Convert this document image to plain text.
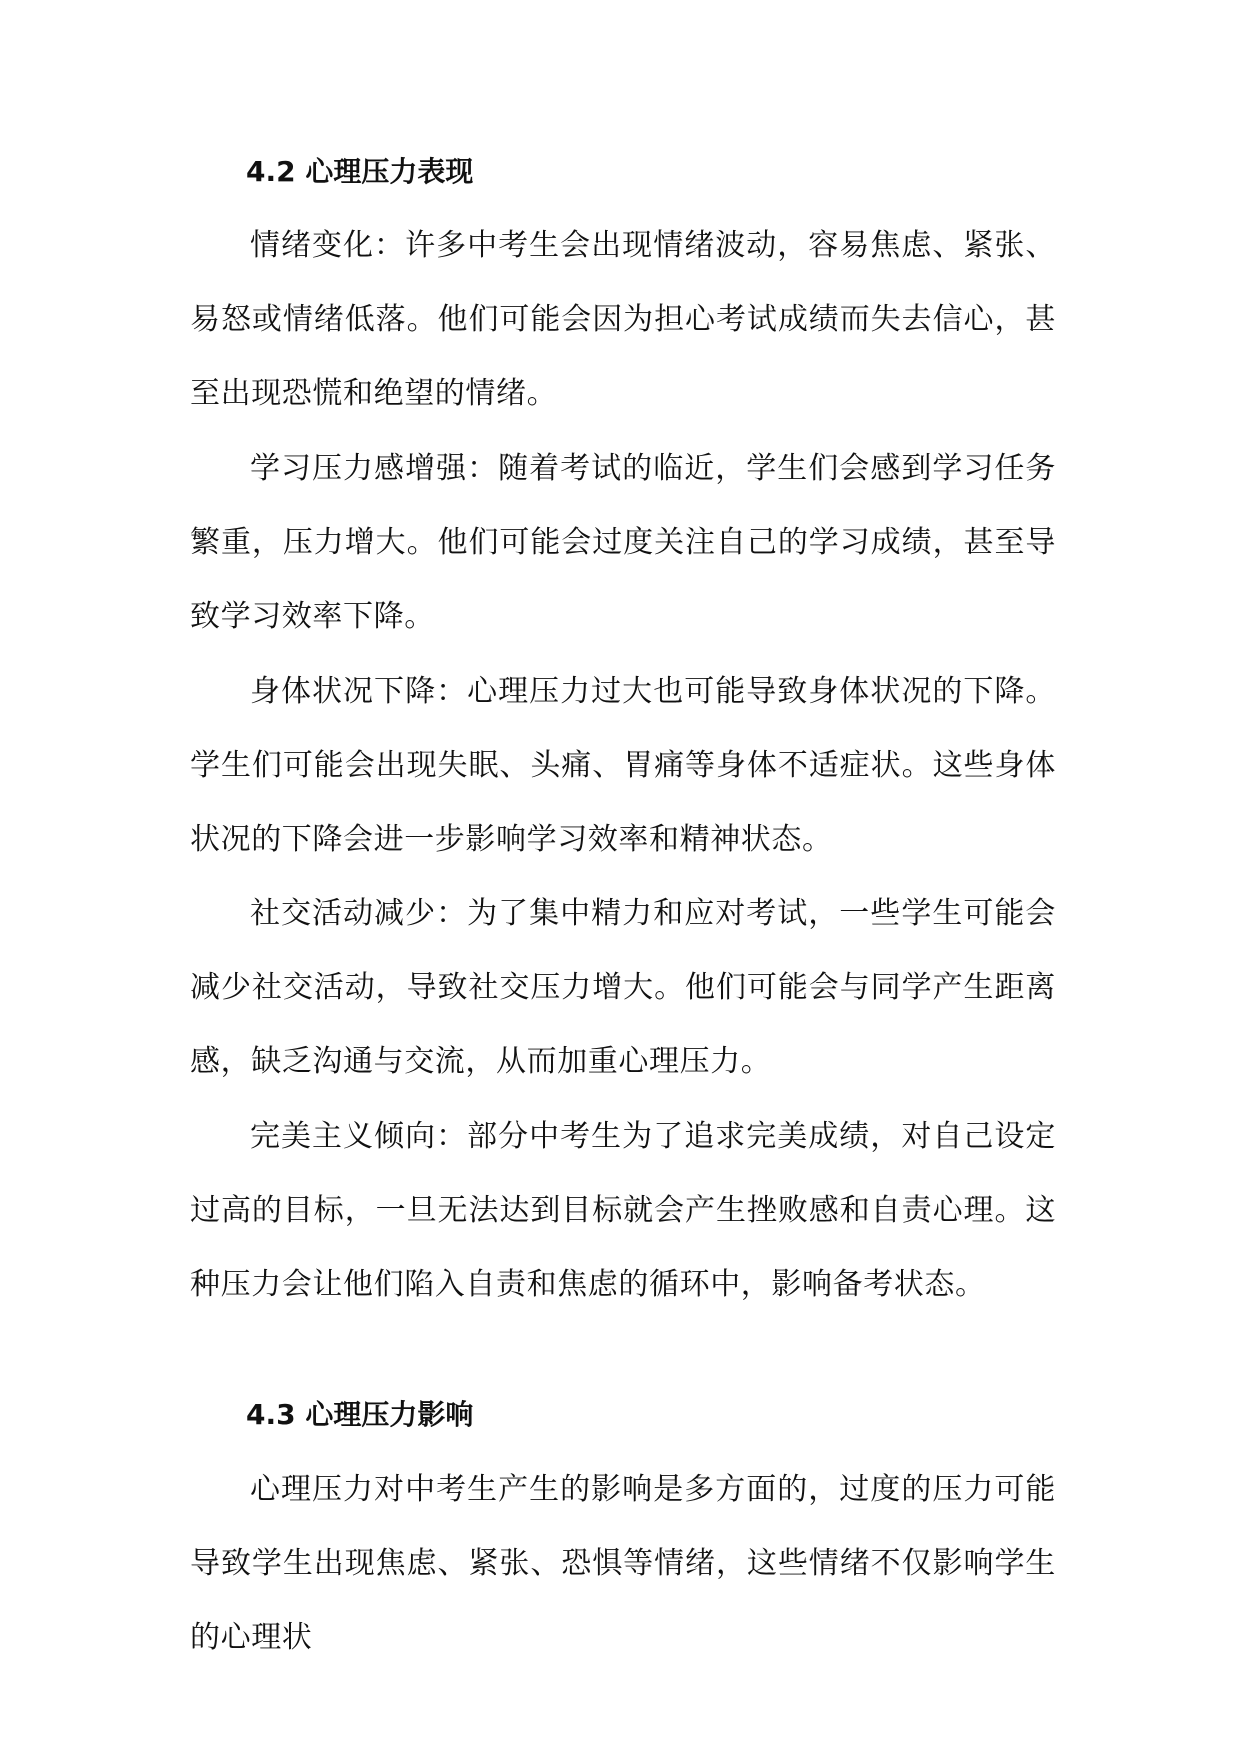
4.2 心理压力表现
情绪变化：许多中考生会出现情绪波动，容易焦虑、紧张、易怒或情绪低落。他们可能会因为担心考试成绩而失去信心，甚至出现恐慌和绝望的情绪。
学习压力感增强：随着考试的临近，学生们会感到学习任务繁重，压力增大。他们可能会过度关注自己的学习成绩，甚至导致学习效率下降。
身体状况下降：心理压力过大也可能导致身体状况的下降。学生们可能会出现失眠、头痛、胃痛等身体不适症状。这些身体状况的下降会进一步影响学习效率和精神状态。
社交活动减少：为了集中精力和应对考试，一些学生可能会减少社交活动，导致社交压力增大。他们可能会与同学产生距离感，缺乏沟通与交流，从而加重心理压力。
完美主义倾向：部分中考生为了追求完美成绩，对自己设定过高的目标，一旦无法达到目标就会产生挫败感和自责心理。这种压力会让他们陷入自责和焦虑的循环中，影响备考状态。
4.3 心理压力影响
心理压力对中考生产生的影响是多方面的，过度的压力可能导致学生出现焦虑、紧张、恐惧等情绪，这些情绪不仅影响学生的心理状
